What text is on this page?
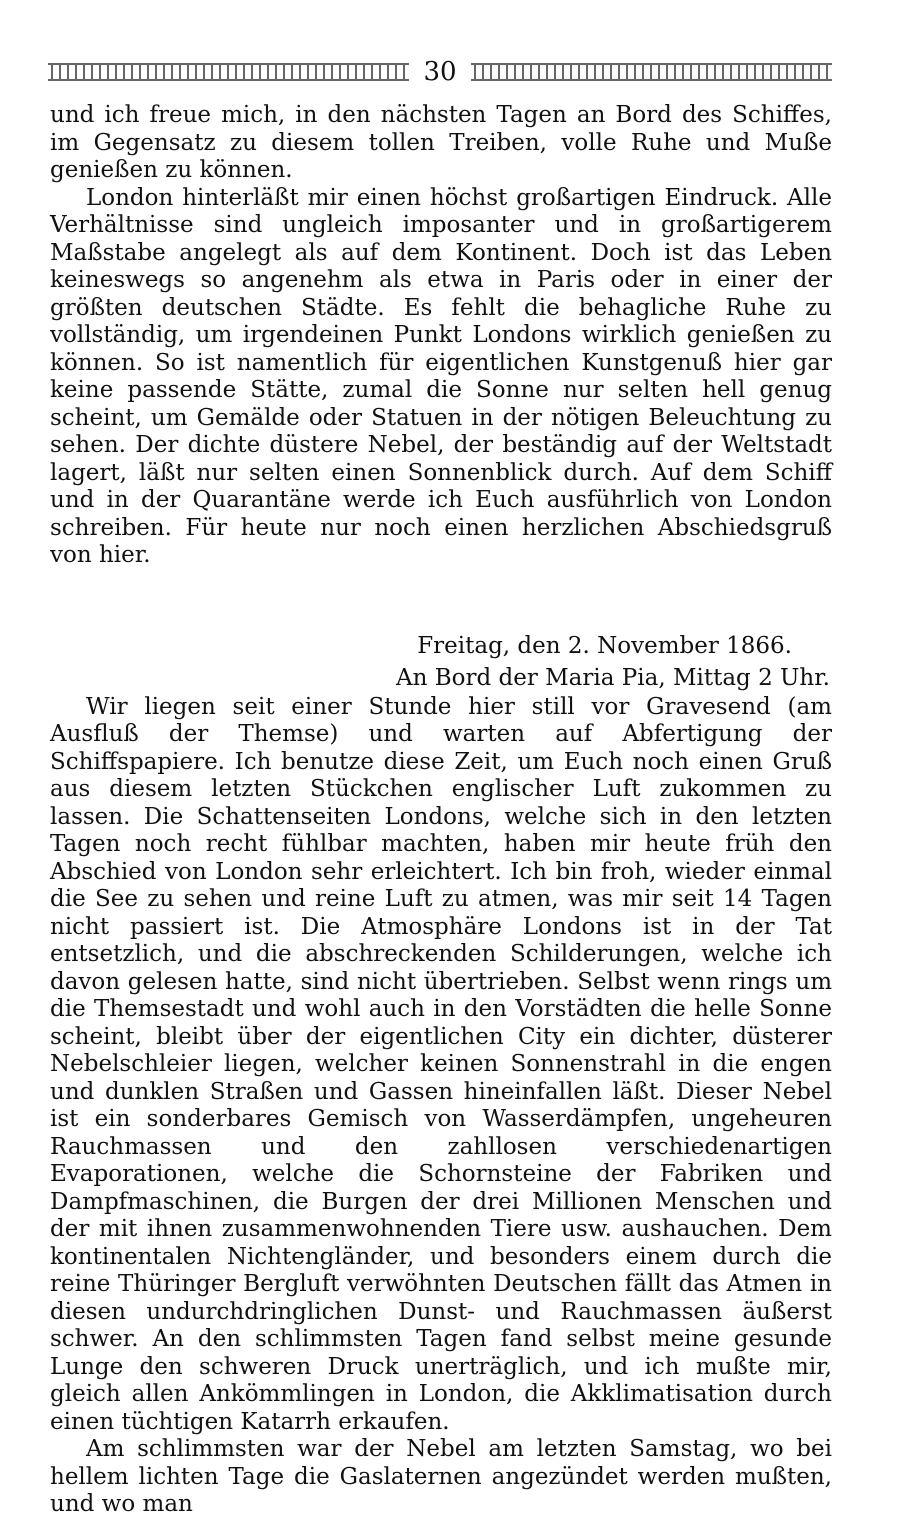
30

und ich freue mich, in den nächsten Tagen an Bord des Schiffes, im Gegensatz zu diesem tollen Treiben, volle Ruhe und Muße genießen zu können.

London hinterläßt mir einen höchst großartigen Eindruck. Alle Verhältnisse sind ungleich imposanter und in großartigerem Maßstabe angelegt als auf dem Kontinent. Doch ist das Leben keineswegs so angenehm als etwa in Paris oder in einer der größten deutschen Städte. Es fehlt die behagliche Ruhe zu vollständig, um irgendeinen Punkt Londons wirklich genießen zu können. So ist namentlich für eigentlichen Kunstgenuß hier gar keine passende Stätte, zumal die Sonne nur selten hell genug scheint, um Gemälde oder Statuen in der nötigen Beleuchtung zu sehen. Der dichte düstere Nebel, der beständig auf der Weltstadt lagert, läßt nur selten einen Sonnenblick durch. Auf dem Schiff und in der Quarantäne werde ich Euch ausführlich von London schreiben. Für heute nur noch einen herzlichen Abschiedsgruß von hier.

Freitag, den 2. November 1866.

An Bord der Maria Pia, Mittag 2 Uhr.

Wir liegen seit einer Stunde hier still vor Gravesend (am Ausfluß der Themse) und warten auf Abfertigung der Schiffspapiere. Ich benutze diese Zeit, um Euch noch einen Gruß aus diesem letzten Stückchen englischer Luft zukommen zu lassen. Die Schattenseiten Londons, welche sich in den letzten Tagen noch recht fühlbar machten, haben mir heute früh den Abschied von London sehr erleichtert. Ich bin froh, wieder einmal die See zu sehen und reine Luft zu atmen, was mir seit 14 Tagen nicht passiert ist. Die Atmosphäre Londons ist in der Tat entsetzlich, und die abschreckenden Schilderungen, welche ich davon gelesen hatte, sind nicht übertrieben. Selbst wenn rings um die Themsestadt und wohl auch in den Vorstädten die helle Sonne scheint, bleibt über der eigentlichen City ein dichter, düsterer Nebelschleier liegen, welcher keinen Sonnenstrahl in die engen und dunklen Straßen und Gassen hineinfallen läßt. Dieser Nebel ist ein sonderbares Gemisch von Wasserdämpfen, ungeheuren Rauchmassen und den zahllosen verschiedenartigen Evaporationen, welche die Schornsteine der Fabriken und Dampfmaschinen, die Burgen der drei Millionen Menschen und der mit ihnen zusammenwohnenden Tiere usw. aushauchen. Dem kontinentalen Nichtengländer, und besonders einem durch die reine Thüringer Bergluft verwöhnten Deutschen fällt das Atmen in diesen undurchdringlichen Dunst- und Rauchmassen äußerst schwer. An den schlimmsten Tagen fand selbst meine gesunde Lunge den schweren Druck unerträglich, und ich mußte mir, gleich allen Ankömmlingen in London, die Akklimatisation durch einen tüchtigen Katarrh erkaufen.

Am schlimmsten war der Nebel am letzten Samstag, wo bei hellem lichten Tage die Gaslaternen angezündet werden mußten, und wo man
